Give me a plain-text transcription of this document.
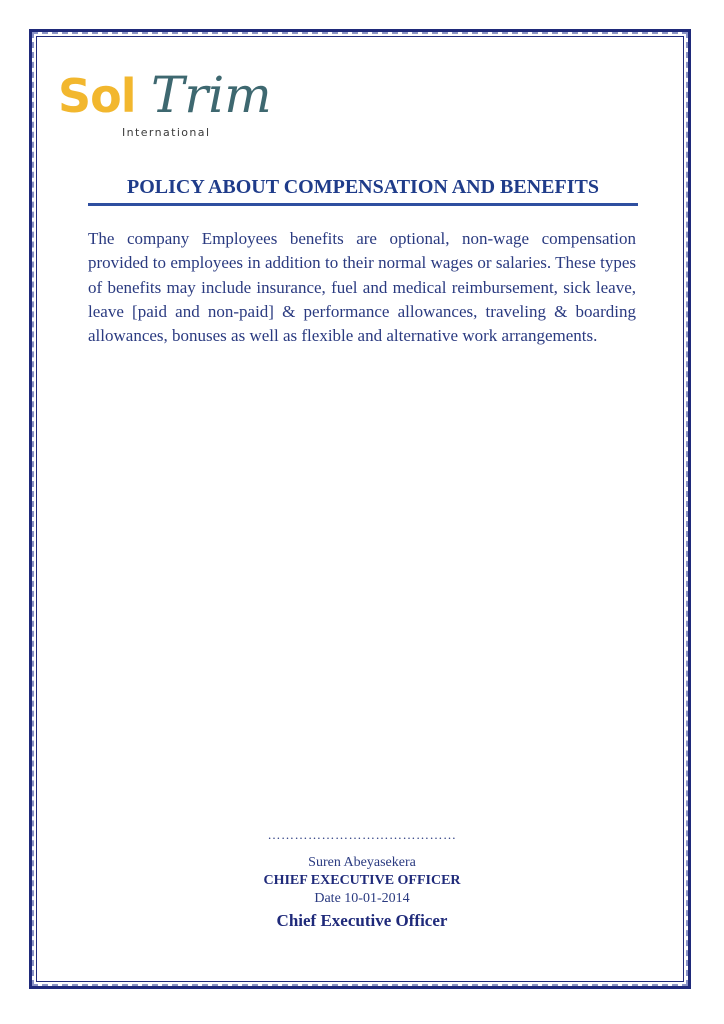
Sol Trim
International
POLICY ABOUT COMPENSATION AND BENEFITS

The company Employees benefits are optional, non-wage compensation provided to employees in addition to their normal wages or salaries. These types of benefits may include insurance, fuel and medical reimbursement, sick leave, leave [paid and non-paid] & performance allowances, traveling & boarding allowances, bonuses as well as flexible and alternative work arrangements.

……………………………………
Suren Abeyasekera
CHIEF EXECUTIVE OFFICER
Date 10-01-2014
Chief Executive Officer
